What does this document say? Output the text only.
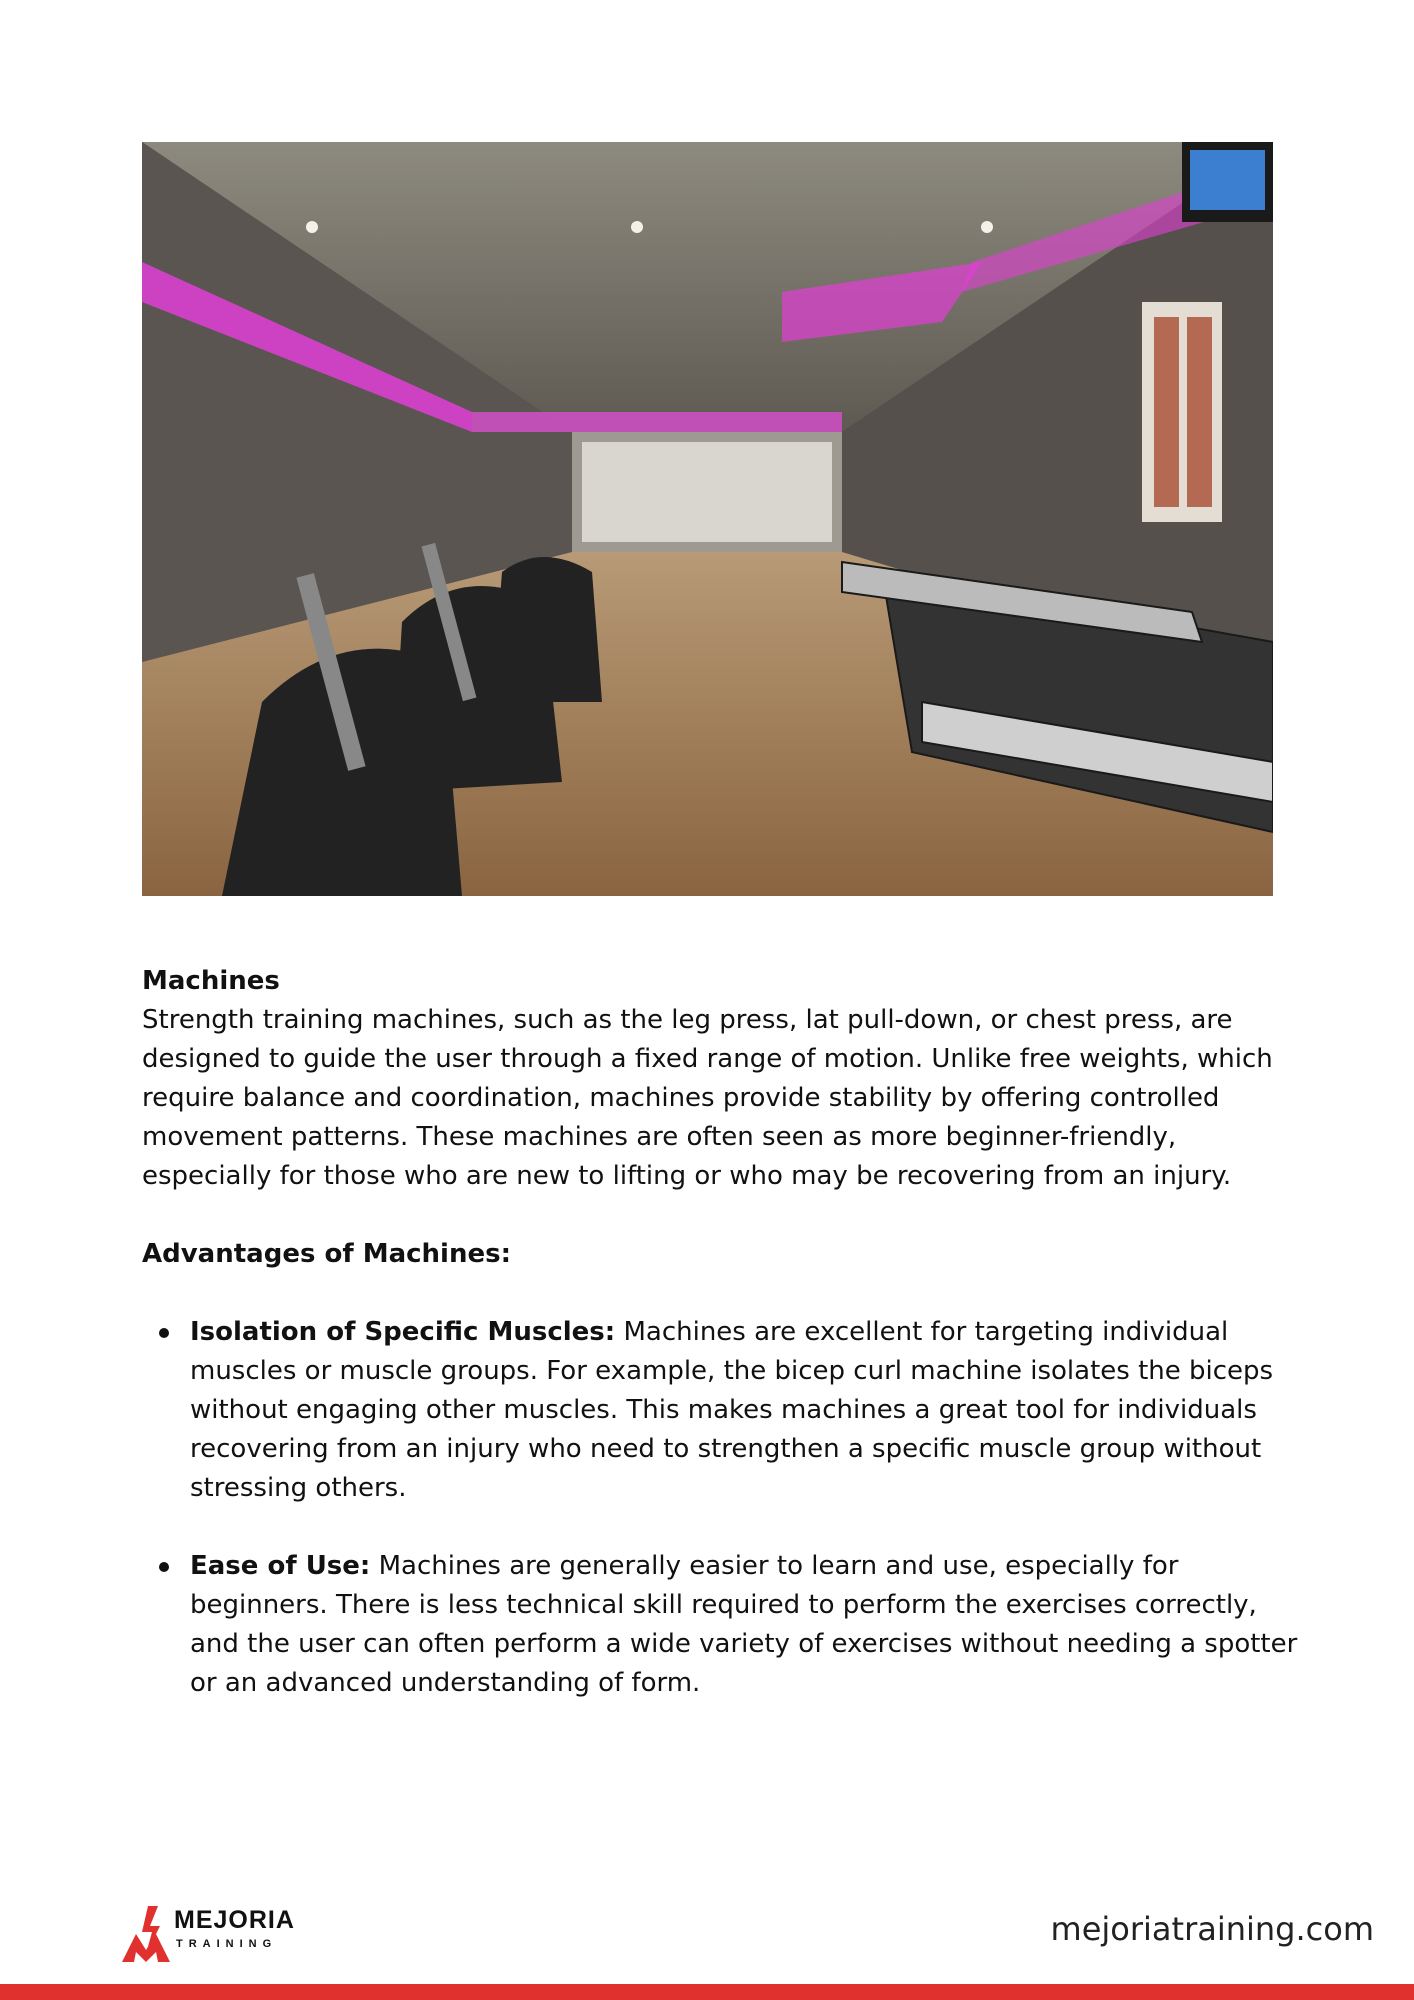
Machines

Strength training machines, such as the leg press, lat pull-down, or chest press, are designed to guide the user through a fixed range of motion. Unlike free weights, which require balance and coordination, machines provide stability by offering controlled movement patterns. These machines are often seen as more beginner-friendly, especially for those who are new to lifting or who may be recovering from an injury.

Advantages of Machines:
Isolation of Specific Muscles: Machines are excellent for targeting individual muscles or muscle groups. For example, the bicep curl machine isolates the biceps without engaging other muscles. This makes machines a great tool for individuals recovering from an injury who need to strengthen a specific muscle group without stressing others.
Ease of Use: Machines are generally easier to learn and use, especially for beginners. There is less technical skill required to perform the exercises correctly, and the user can often perform a wide variety of exercises without needing a spotter or an advanced understanding of form.
MEJORIA
TRAINING	mejoriatraining.com
